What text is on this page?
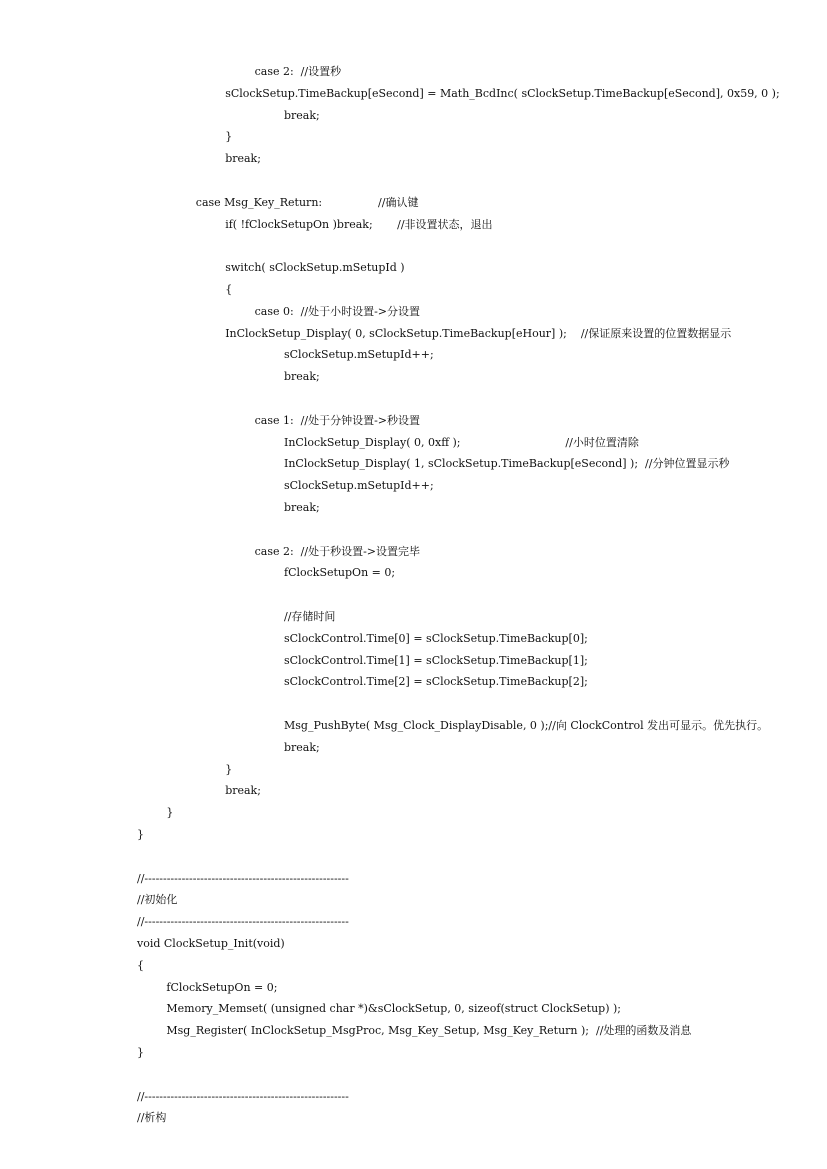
case 2:  //设置秒
sClockSetup.TimeBackup[eSecond] = Math_BcdInc( sClockSetup.TimeBackup[eSecond], 0x59, 0 );
break;
}
break;
case Msg_Key_Return:                //确认键
if( !fClockSetupOn )break;       //非设置状态，退出
switch( sClockSetup.mSetupId )
{
case 0:  //处于小时设置->分设置
InClockSetup_Display( 0, sClockSetup.TimeBackup[eHour] );    //保证原来设置的位置数据显示
sClockSetup.mSetupId++;
break;
case 1:  //处于分钟设置->秒设置
InClockSetup_Display( 0, 0xff );                              //小时位置清除
InClockSetup_Display( 1, sClockSetup.TimeBackup[eSecond] );  //分钟位置显示秒
sClockSetup.mSetupId++;
break;
case 2:  //处于秒设置->设置完毕
fClockSetupOn = 0;
//存储时间
sClockControl.Time[0] = sClockSetup.TimeBackup[0];
sClockControl.Time[1] = sClockSetup.TimeBackup[1];
sClockControl.Time[2] = sClockSetup.TimeBackup[2];
Msg_PushByte( Msg_Clock_DisplayDisable, 0 );//向 ClockControl 发出可显示。优先执行。
break;
}
break;
}
}
//-------------------------------------------------------
//初始化
//-------------------------------------------------------
void ClockSetup_Init(void)
{
fClockSetupOn = 0;
Memory_Memset( (unsigned char *)&sClockSetup, 0, sizeof(struct ClockSetup) );
Msg_Register( InClockSetup_MsgProc, Msg_Key_Setup, Msg_Key_Return );  //处理的函数及消息
}
//-------------------------------------------------------
//析构
